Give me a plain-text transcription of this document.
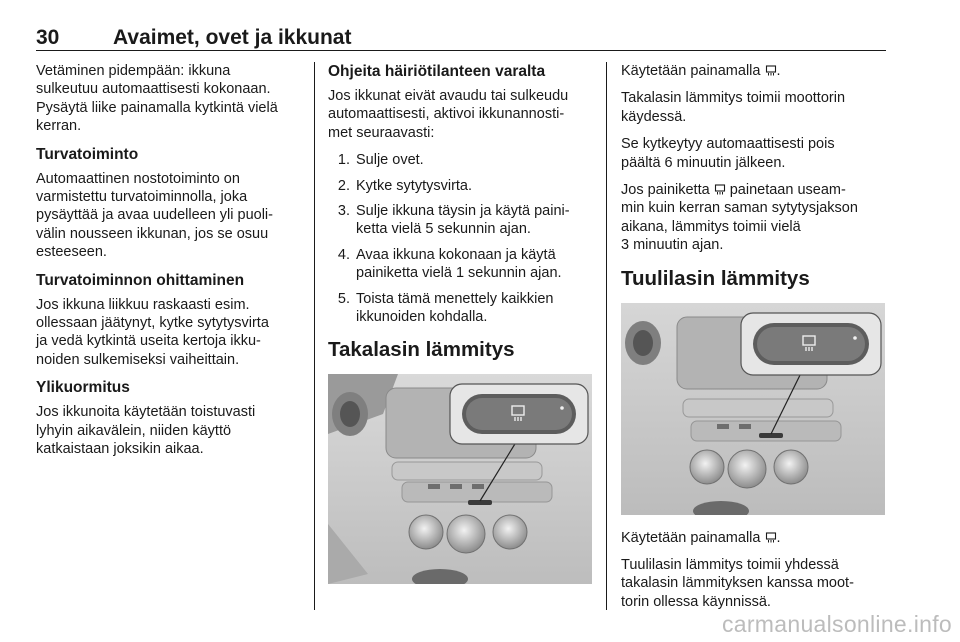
30	Avaimet, ovet ja ikkunat

Vetäminen pidempään: ikkuna
sulkeutuu automaattisesti kokonaan.
Pysäytä liike painamalla kytkintä vielä
kerran.

Turvatoiminto

Automaattinen nostotoiminto on
varmistettu turvatoiminnolla, joka
pysäyttää ja avaa uudelleen yli puoli-
välin nousseen ikkunan, jos se osuu
esteeseen.

Turvatoiminnon ohittaminen

Jos ikkuna liikkuu raskaasti esim.
ollessaan jäätynyt, kytke sytytysvirta
ja vedä kytkintä useita kertoja ikku-
noiden sulkemiseksi vaiheittain.

Ylikuormitus

Jos ikkunoita käytetään toistuvasti
lyhyin aikavälein, niiden käyttö
katkaistaan joksikin aikaa.

Ohjeita häiriötilanteen varalta

Jos ikkunat eivät avaudu tai sulkeudu
automaattisesti, aktivoi ikkunannosti-
met seuraavasti:

1. Sulje ovet.
2. Kytke sytytysvirta.
3. Sulje ikkuna täysin ja käytä paini-
ketta vielä 5 sekunnin ajan.
4. Avaa ikkuna kokonaan ja käytä
painiketta vielä 1 sekunnin ajan.
5. Toista tämä menettely kaikkien
ikkunoiden kohdalla.
Takalasin lämmitys

Käytetään painamalla .

Takalasin lämmitys toimii moottorin
käydessä.

Se kytkeytyy automaattisesti pois
päältä 6 minuutin jälkeen.

Jos painiketta  painetaan useam-
min kuin kerran saman sytytysjakson
aikana, lämmitys toimii vielä
3 minuutin ajan.

Tuulilasin lämmitys

Käytetään painamalla .

Tuulilasin lämmitys toimii yhdessä
takalasin lämmityksen kanssa moot-
torin ollessa käynnissä.

carmanualsonline.info
